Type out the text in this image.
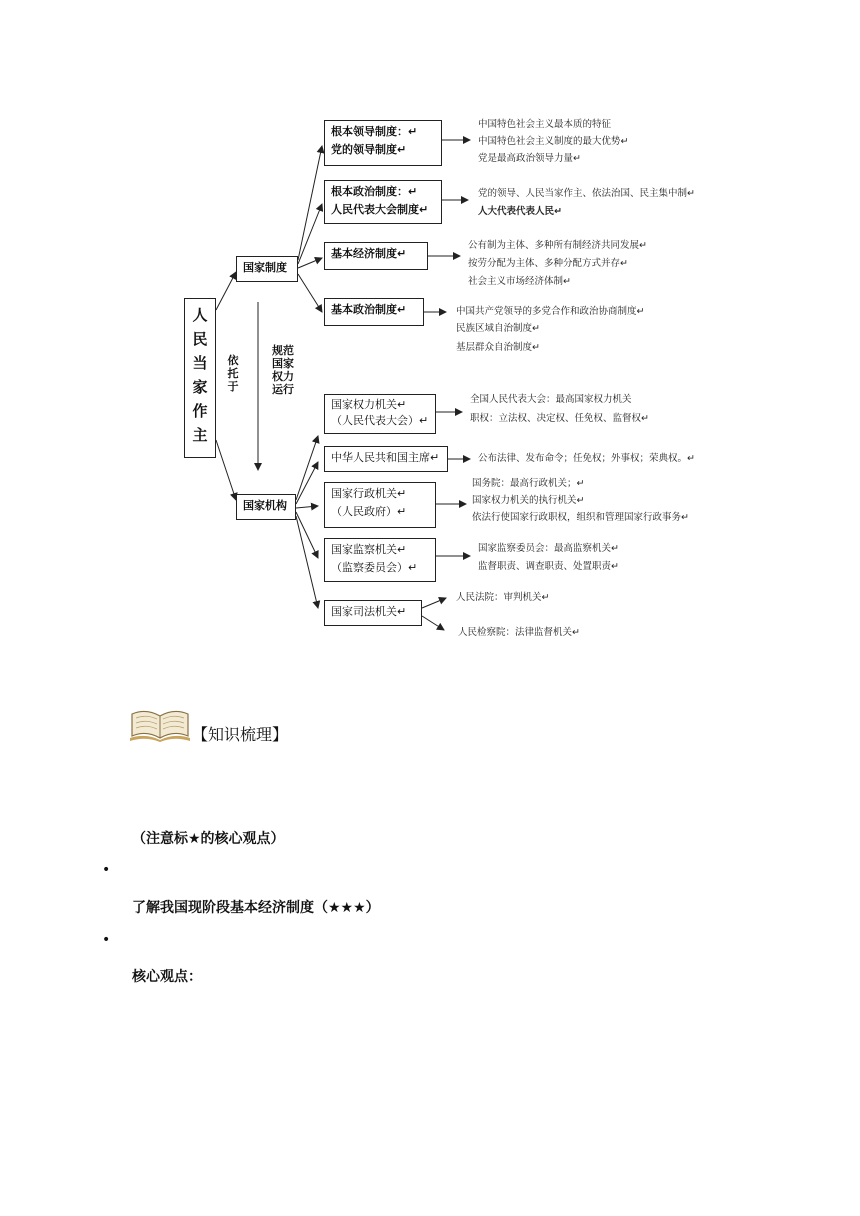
人民当家作主
依托于
规范
国家
权力
运行
国家制度
国家机构
根本领导制度：↵
党的领导制度↵
根本政治制度：↵
人民代表大会制度↵
基本经济制度↵
基本政治制度↵
中国特色社会主义最本质的特征
中国特色社会主义制度的最大优势↵
党是最高政治领导力量↵
党的领导、人民当家作主、依法治国、民主集中制↵
人大代表代表人民↵
公有制为主体、多种所有制经济共同发展↵
按劳分配为主体、多种分配方式并存↵
社会主义市场经济体制↵
中国共产党领导的多党合作和政治协商制度↵
民族区域自治制度↵
基层群众自治制度↵
国家权力机关↵
（人民代表大会）↵
中华人民共和国主席↵
国家行政机关↵
（人民政府）↵
国家监察机关↵
（监察委员会）↵
国家司法机关↵
全国人民代表大会：最高国家权力机关
职权：立法权、决定权、任免权、监督权↵
公布法律、发布命令；任免权；外事权；荣典权。↵
国务院：最高行政机关；↵
国家权力机关的执行机关↵
依法行使国家行政职权，组织和管理国家行政事务↵
国家监察委员会：最高监察机关↵
监督职责、调查职责、处置职责↵
人民法院：审判机关↵
人民检察院：法律监督机关↵
【知识梳理】
（注意标★的核心观点）
•
了解我国现阶段基本经济制度（★★★）
•
核心观点：
